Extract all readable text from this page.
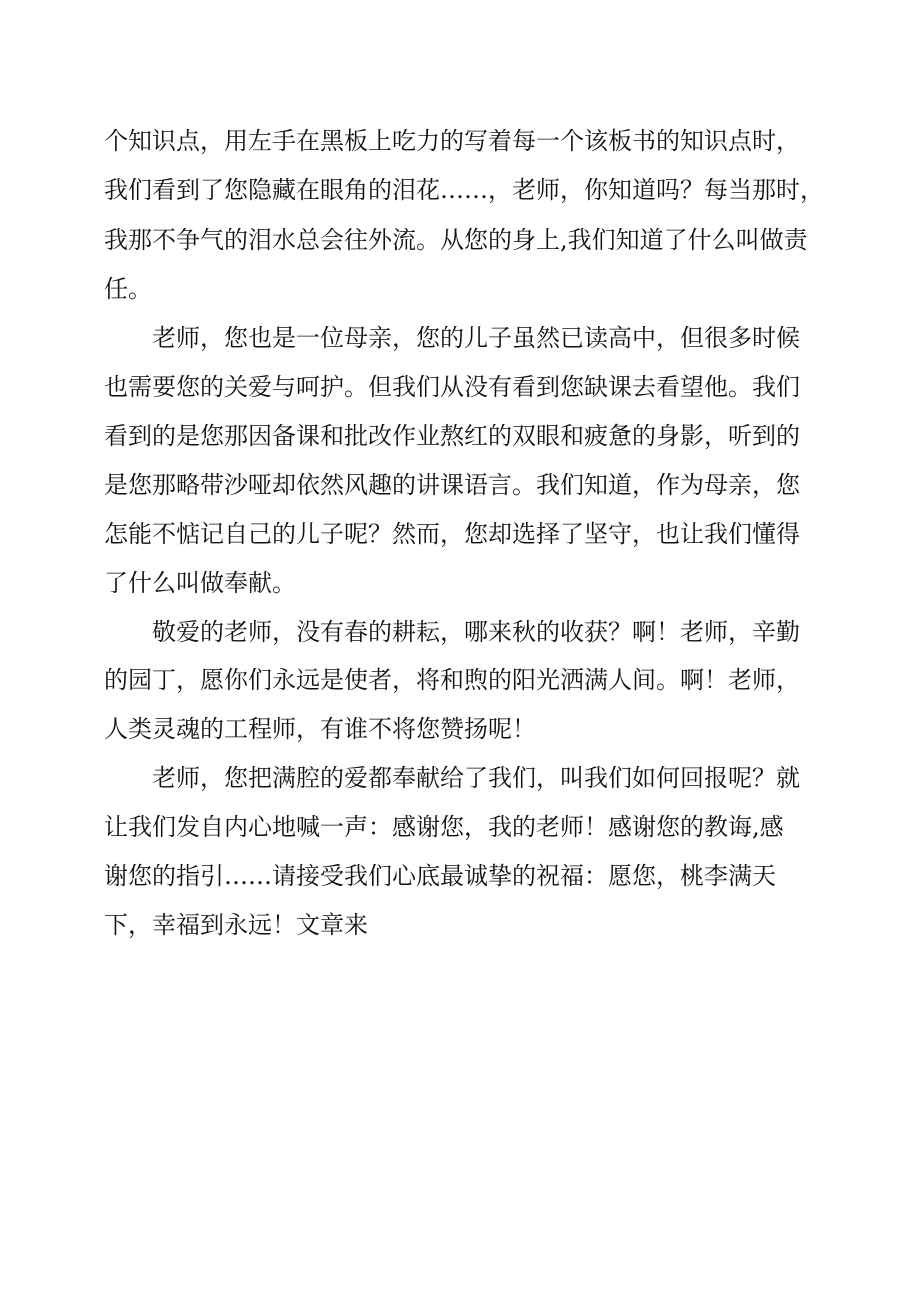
个知识点，用左手在黑板上吃力的写着每一个该板书的知识点时，
我们看到了您隐藏在眼角的泪花……，老师，你知道吗？每当那时，
我那不争气的泪水总会往外流。从您的身上,我们知道了什么叫做责
任。
老师，您也是一位母亲，您的儿子虽然已读高中，但很多时候
也需要您的关爱与呵护。但我们从没有看到您缺课去看望他。我们
看到的是您那因备课和批改作业熬红的双眼和疲惫的身影，听到的
是您那略带沙哑却依然风趣的讲课语言。我们知道，作为母亲，您
怎能不惦记自己的儿子呢？然而，您却选择了坚守，也让我们懂得
了什么叫做奉献。
敬爱的老师，没有春的耕耘，哪来秋的收获？啊！老师，辛勤
的园丁，愿你们永远是使者，将和煦的阳光洒满人间。啊！老师，
人类灵魂的工程师，有谁不将您赞扬呢！
老师，您把满腔的爱都奉献给了我们，叫我们如何回报呢？就
让我们发自内心地喊一声：感谢您，我的老师！感谢您的教诲,感
谢您的指引……请接受我们心底最诚挚的祝福：愿您，桃李满天
下，幸福到永远！文章来
